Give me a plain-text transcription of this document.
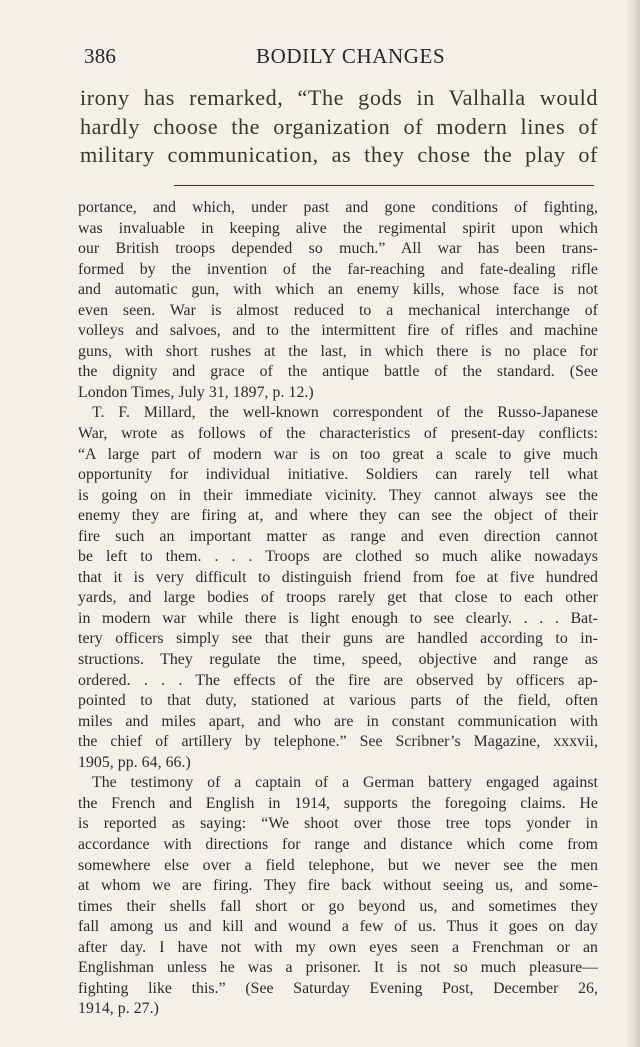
386	BODILY CHANGES
irony has remarked, “The gods in Valhalla would
hardly choose the organization of modern lines of
military communication, as they chose the play of
portance, and which, under past and gone conditions of fighting,
was invaluable in keeping alive the regimental spirit upon which
our British troops depended so much.” All war has been trans-
formed by the invention of the far-reaching and fate-dealing rifle
and automatic gun, with which an enemy kills, whose face is not
even seen. War is almost reduced to a mechanical interchange of
volleys and salvoes, and to the intermittent fire of rifles and machine
guns, with short rushes at the last, in which there is no place for
the dignity and grace of the antique battle of the standard. (See
London Times, July 31, 1897, p. 12.)
T. F. Millard, the well-known correspondent of the Russo-Japanese
War, wrote as follows of the characteristics of present-day conflicts:
“A large part of modern war is on too great a scale to give much
opportunity for individual initiative. Soldiers can rarely tell what
is going on in their immediate vicinity. They cannot always see the
enemy they are firing at, and where they can see the object of their
fire such an important matter as range and even direction cannot
be left to them. . . . Troops are clothed so much alike nowadays
that it is very difficult to distinguish friend from foe at five hundred
yards, and large bodies of troops rarely get that close to each other
in modern war while there is light enough to see clearly. . . . Bat-
tery officers simply see that their guns are handled according to in-
structions. They regulate the time, speed, objective and range as
ordered. . . . The effects of the fire are observed by officers ap-
pointed to that duty, stationed at various parts of the field, often
miles and miles apart, and who are in constant communication with
the chief of artillery by telephone.” See Scribner’s Magazine, xxxvii,
1905, pp. 64, 66.)
The testimony of a captain of a German battery engaged against
the French and English in 1914, supports the foregoing claims. He
is reported as saying: “We shoot over those tree tops yonder in
accordance with directions for range and distance which come from
somewhere else over a field telephone, but we never see the men
at whom we are firing. They fire back without seeing us, and some-
times their shells fall short or go beyond us, and sometimes they
fall among us and kill and wound a few of us. Thus it goes on day
after day. I have not with my own eyes seen a Frenchman or an
Englishman unless he was a prisoner. It is not so much pleasure—
fighting like this.” (See Saturday Evening Post, December 26,
1914, p. 27.)
